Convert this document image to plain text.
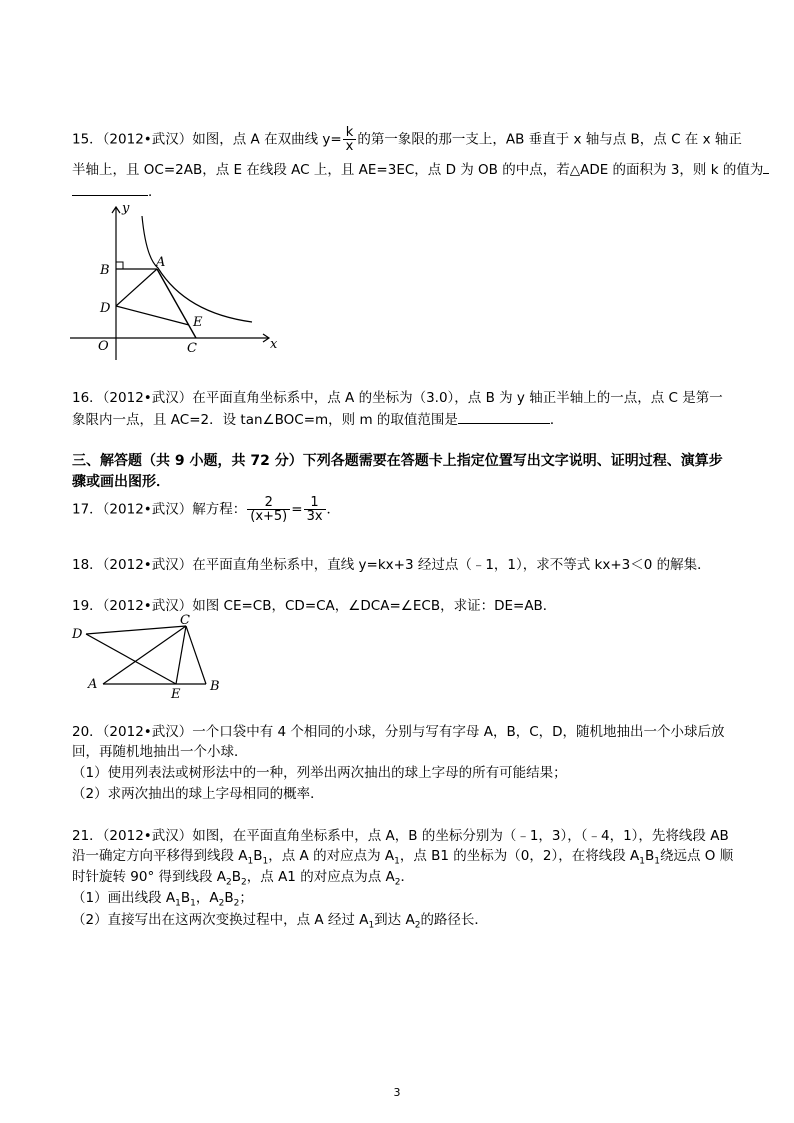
15．（2012•武汉）如图，点 A 在双曲线 $y= \frac{k}{x}$ 的第一象限的那一支上，AB 垂直于 x 轴与点 B，点 C 在 x 轴正
半轴上，且 OC=2AB，点 E 在线段 AC 上，且 AE=3EC，点 D 为 OB 的中点，若△ADE 的面积为 3，则 k 的值为
．
y
x
B
A
D
E
O	C
16．（2012•武汉）在平面直角坐标系中，点 A 的坐标为（3.0），点 B 为 y 轴正半轴上的一点，点 C 是第一
象限内一点，且 AC=2．设 tan∠BOC=m，则 m 的取值范围是	．
三、解答题（共 9 小题，共 72 分）下列各题需要在答题卡上指定位置写出文字说明、证明过程、演算步
骤或画出图形．
17．（2012•武汉）解方程： $\frac{2}{(x+5)} = \frac{1}{3x}$ ．
18．（2012•武汉）在平面直角坐标系中，直线 y=kx+3 经过点（﹣1，1），求不等式 kx+3＜0 的解集．
19．（2012•武汉）如图 CE=CB，CD=CA，∠DCA=∠ECB，求证：DE=AB．
D
C
A
E
B
20．（2012•武汉）一个口袋中有 4 个相同的小球，分别与写有字母 A，B，C，D，随机地抽出一个小球后放
回，再随机地抽出一个小球．
（1）使用列表法或树形法中的一种，列举出两次抽出的球上字母的所有可能结果；
（2）求两次抽出的球上字母相同的概率．
21．（2012•武汉）如图，在平面直角坐标系中，点 A，B 的坐标分别为（﹣1，3），（﹣4，1），先将线段 AB
沿一确定方向平移得到线段 $A_1B_1$，点 A 的对应点为 $A_1$，点 B1 的坐标为（0，2），在将线段 $A_1B_1$绕远点 O 顺
时针旋转 90° 得到线段 $A_2B_2$，点 A1 的对应点为点 $A_2$．
（1）画出线段 $A_1B_1$，$A_2B_2$；
（2）直接写出在这两次变换过程中，点 A 经过 $A_1$到达 $A_2$的路径长．
3
